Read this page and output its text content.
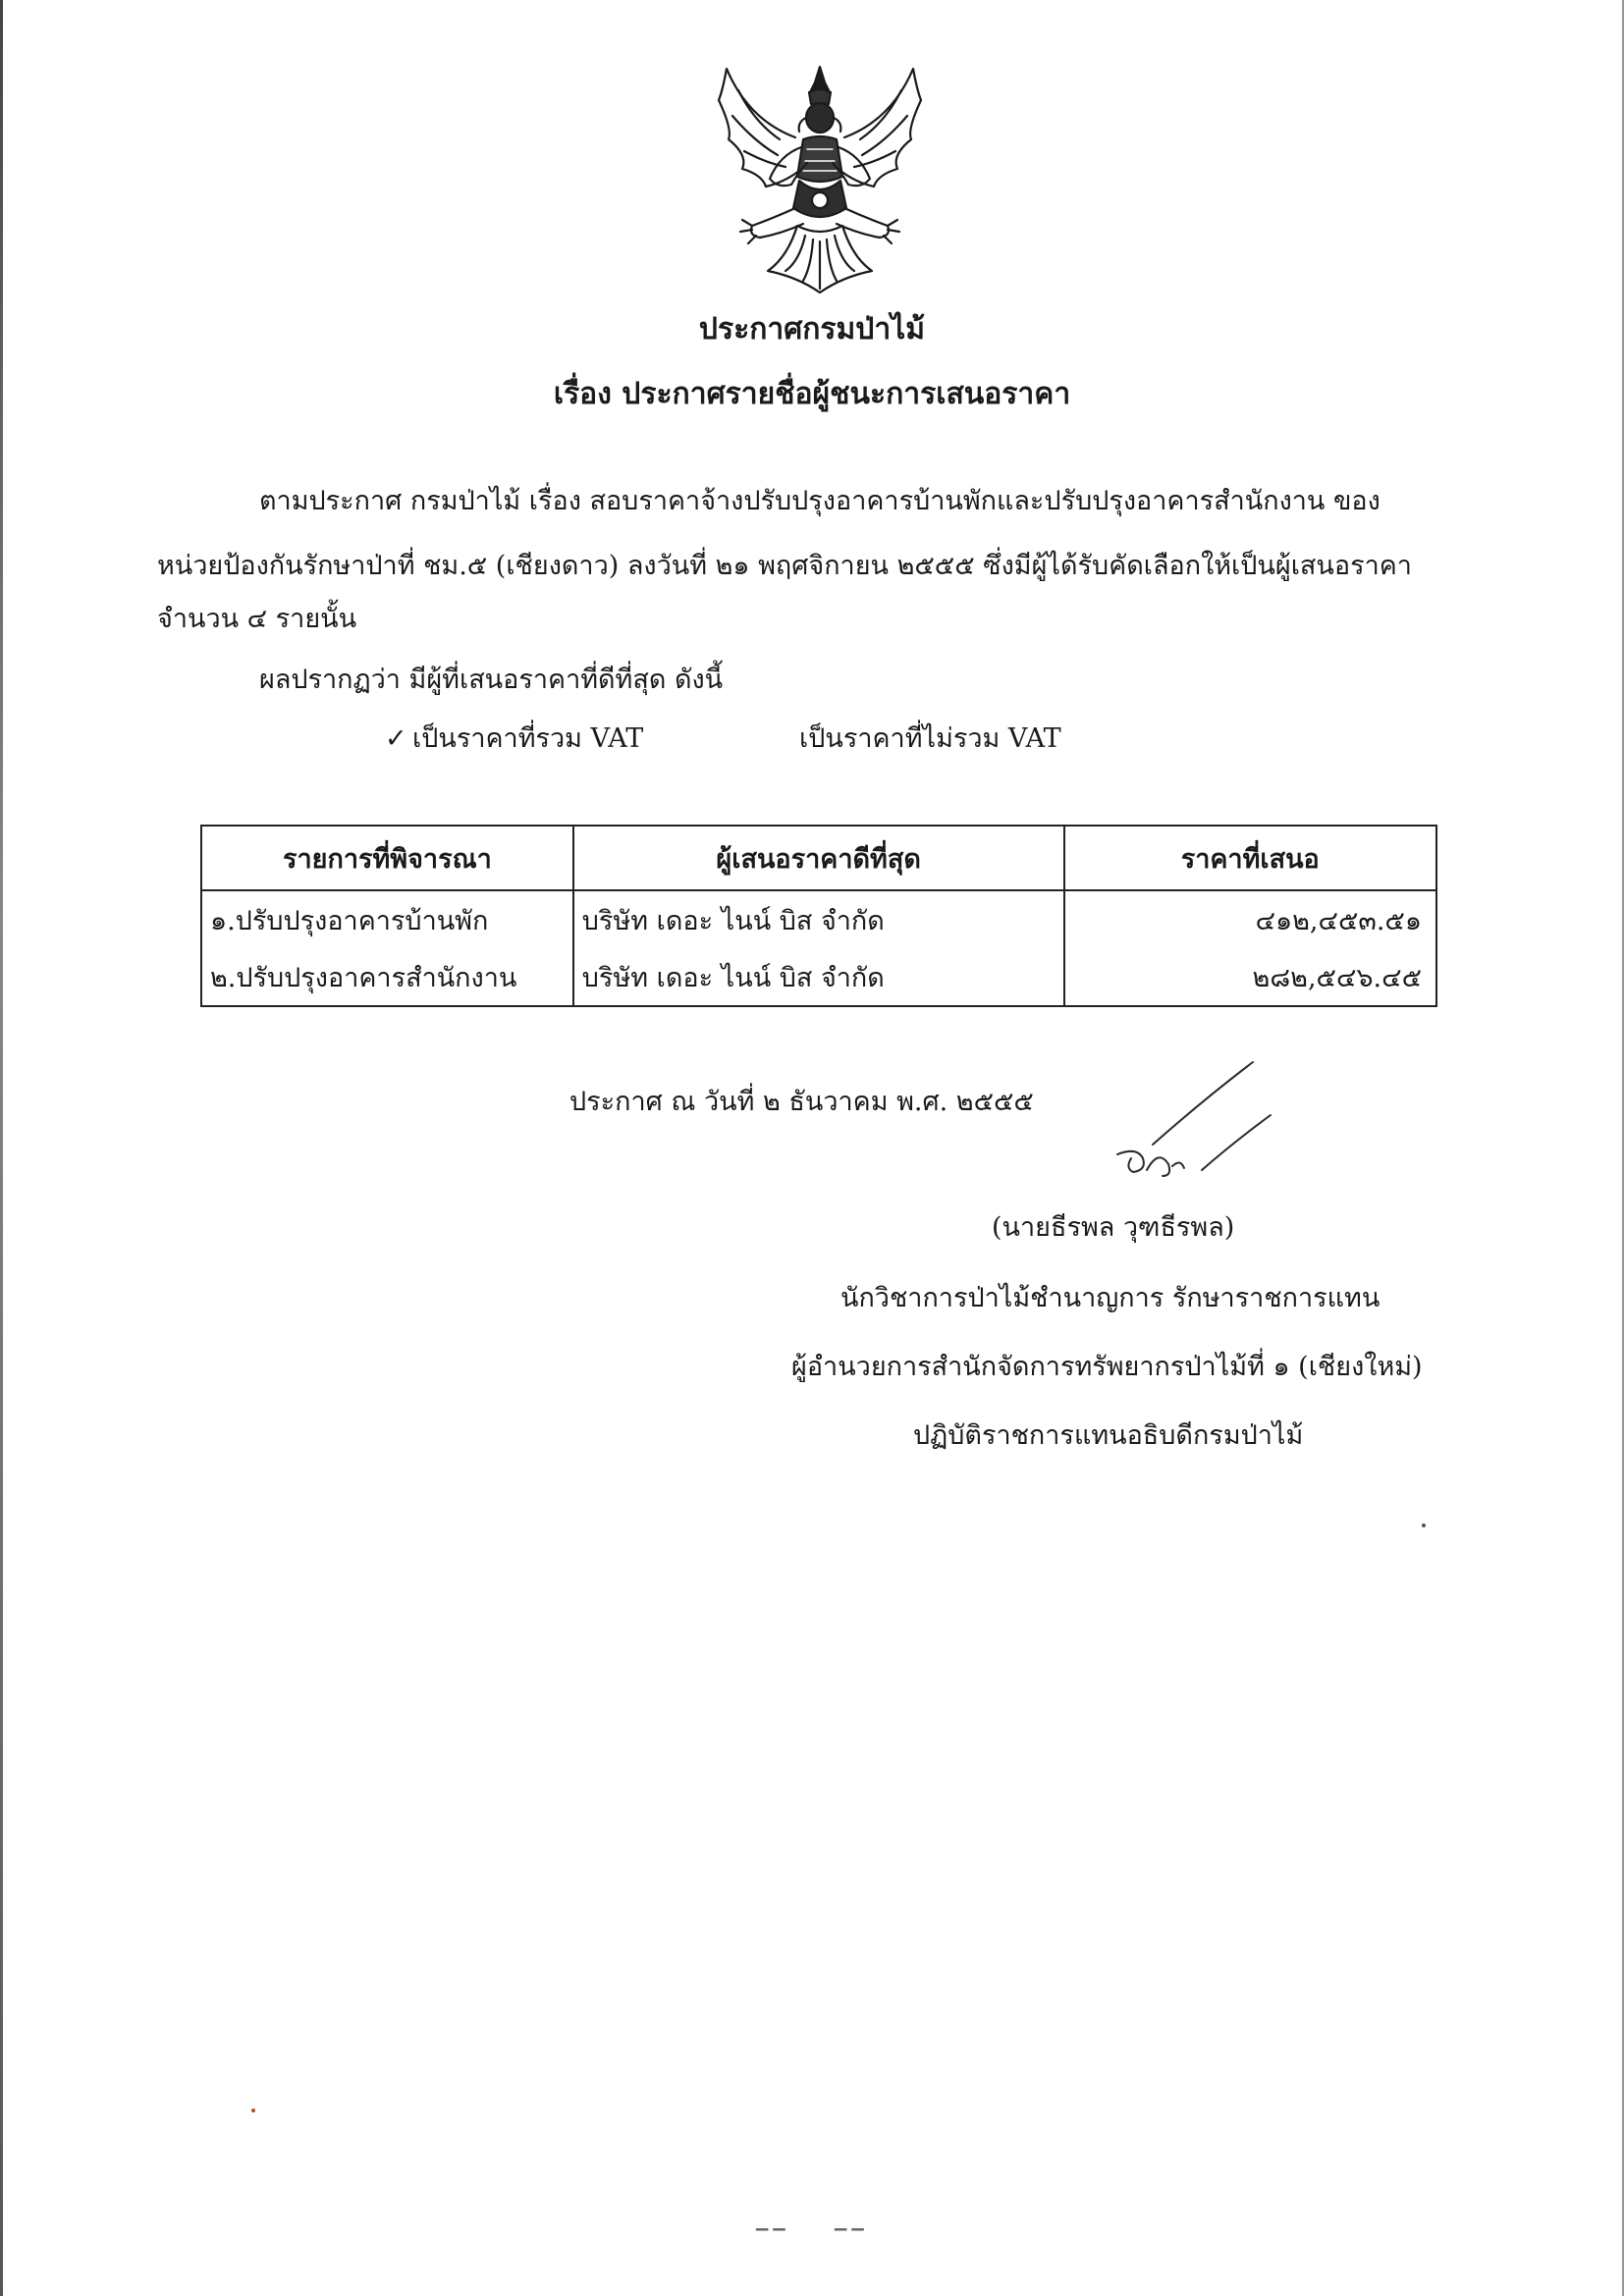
ประกาศกรมป่าไม้
เรื่อง ประกาศรายชื่อผู้ชนะการเสนอราคา
ตามประกาศ กรมป่าไม้ เรื่อง สอบราคาจ้างปรับปรุงอาคารบ้านพักและปรับปรุงอาคารสำนักงาน ของ
หน่วยป้องกันรักษาป่าที่ ชม.๕ (เชียงดาว) ลงวันที่ ๒๑ พฤศจิกายน ๒๕๕๕ ซึ่งมีผู้ได้รับคัดเลือกให้เป็นผู้เสนอราคา
จำนวน ๔ รายนั้น
ผลปรากฏว่า มีผู้ที่เสนอราคาที่ดีที่สุด ดังนี้
✓ เป็นราคาที่รวม VAT	เป็นราคาที่ไม่รวม VAT
รายการที่พิจารณา	ผู้เสนอราคาดีที่สุด	ราคาที่เสนอ
๑.ปรับปรุงอาคารบ้านพัก	บริษัท เดอะ ไนน์ บิส จำกัด	๔๑๒,๔๕๓.๕๑
๒.ปรับปรุงอาคารสำนักงาน	บริษัท เดอะ ไนน์ บิส จำกัด	๒๘๒,๕๔๖.๔๕
ประกาศ ณ วันที่ ๒ ธันวาคม พ.ศ. ๒๕๕๕
(นายธีรพล วุฑธีรพล)
นักวิชาการป่าไม้ชำนาญการ รักษาราชการแทน
ผู้อำนวยการสำนักจัดการทรัพยากรป่าไม้ที่ ๑ (เชียงใหม่)
ปฏิบัติราชการแทนอธิบดีกรมป่าไม้
▔ ▔	▔ ▔
